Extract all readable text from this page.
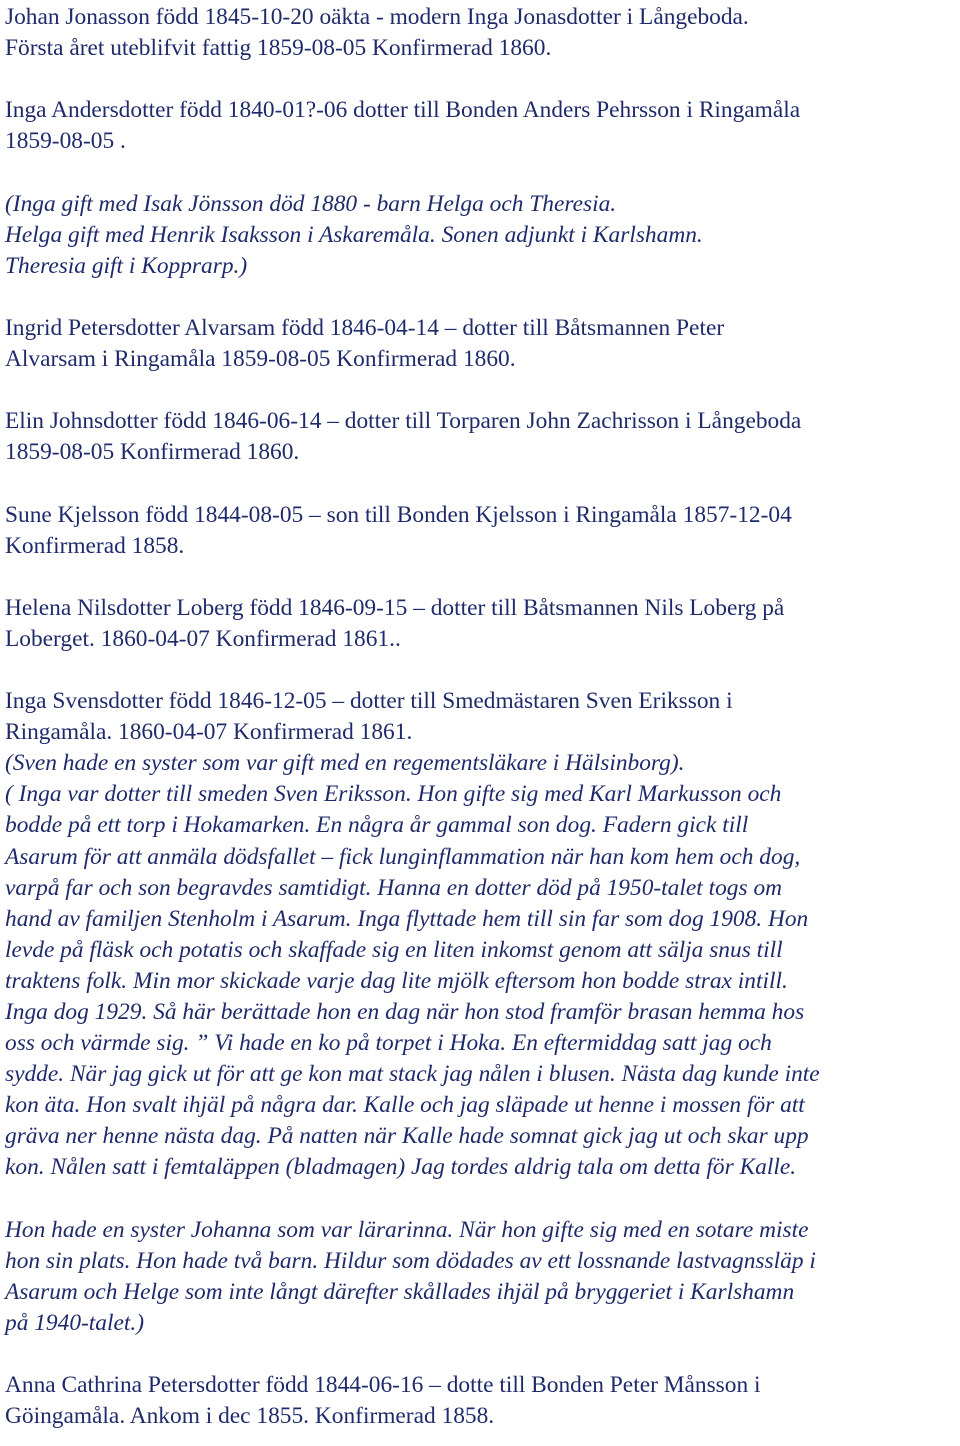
Johan Jonasson född 1845-10-20 oäkta - modern Inga Jonasdotter i Långeboda.

Första året uteblifvit fattig 1859-08-05 Konfirmerad 1860.

Inga Andersdotter född 1840-01?-06 dotter till Bonden Anders Pehrsson i Ringamåla

1859-08-05 .

(Inga gift med Isak Jönsson död 1880 - barn Helga och Theresia.

Helga gift med Henrik Isaksson i Askaremåla. Sonen adjunkt i Karlshamn.

Theresia gift i Kopprarp.)

Ingrid Petersdotter Alvarsam född 1846-04-14 – dotter till Båtsmannen Peter

Alvarsam i Ringamåla 1859-08-05 Konfirmerad 1860.

Elin Johnsdotter född 1846-06-14 – dotter till Torparen John Zachrisson i Långeboda

1859-08-05 Konfirmerad 1860.

Sune Kjelsson född 1844-08-05 – son till Bonden Kjelsson i Ringamåla 1857-12-04

Konfirmerad 1858.

Helena Nilsdotter Loberg född 1846-09-15 – dotter till Båtsmannen Nils Loberg på

Loberget. 1860-04-07 Konfirmerad 1861..

Inga Svensdotter född 1846-12-05 – dotter till Smedmästaren Sven Eriksson i

Ringamåla. 1860-04-07 Konfirmerad 1861.

(Sven hade en syster som var gift med en regementsläkare i Hälsinborg).

( Inga var dotter till smeden Sven Eriksson. Hon gifte sig med Karl Markusson och

bodde på ett torp i Hokamarken. En några år gammal son dog. Fadern gick till

Asarum för att anmäla dödsfallet – fick lunginflammation när han kom hem och dog,

varpå far och son begravdes samtidigt. Hanna en dotter död på 1950-talet togs om

hand av familjen Stenholm i Asarum. Inga flyttade hem till sin far som dog 1908. Hon

levde på fläsk och potatis och skaffade sig en liten inkomst genom att sälja snus till

traktens folk. Min mor skickade varje dag lite mjölk eftersom hon bodde strax intill.

Inga dog 1929. Så här berättade hon en dag när hon stod framför brasan hemma hos

oss och värmde sig. ” Vi hade en ko på torpet i Hoka. En eftermiddag satt jag och

sydde. När jag gick ut för att ge kon mat stack jag nålen i blusen. Nästa dag kunde inte

kon äta. Hon svalt ihjäl på några dar. Kalle och jag släpade ut henne i mossen för att

gräva ner henne nästa dag. På natten när Kalle hade somnat gick jag ut och skar upp

kon. Nålen satt i femtaläppen (bladmagen) Jag tordes aldrig tala om detta för Kalle.

Hon hade en syster Johanna som var lärarinna. När hon gifte sig med en sotare miste

hon sin plats. Hon hade två barn. Hildur som dödades av ett lossnande lastvagnssläp i

Asarum och Helge som inte långt därefter skållades ihjäl på bryggeriet i Karlshamn

på 1940-talet.)

Anna Cathrina Petersdotter född 1844-06-16 – dotte till Bonden Peter Månsson i

Göingamåla. Ankom i dec 1855. Konfirmerad 1858.
